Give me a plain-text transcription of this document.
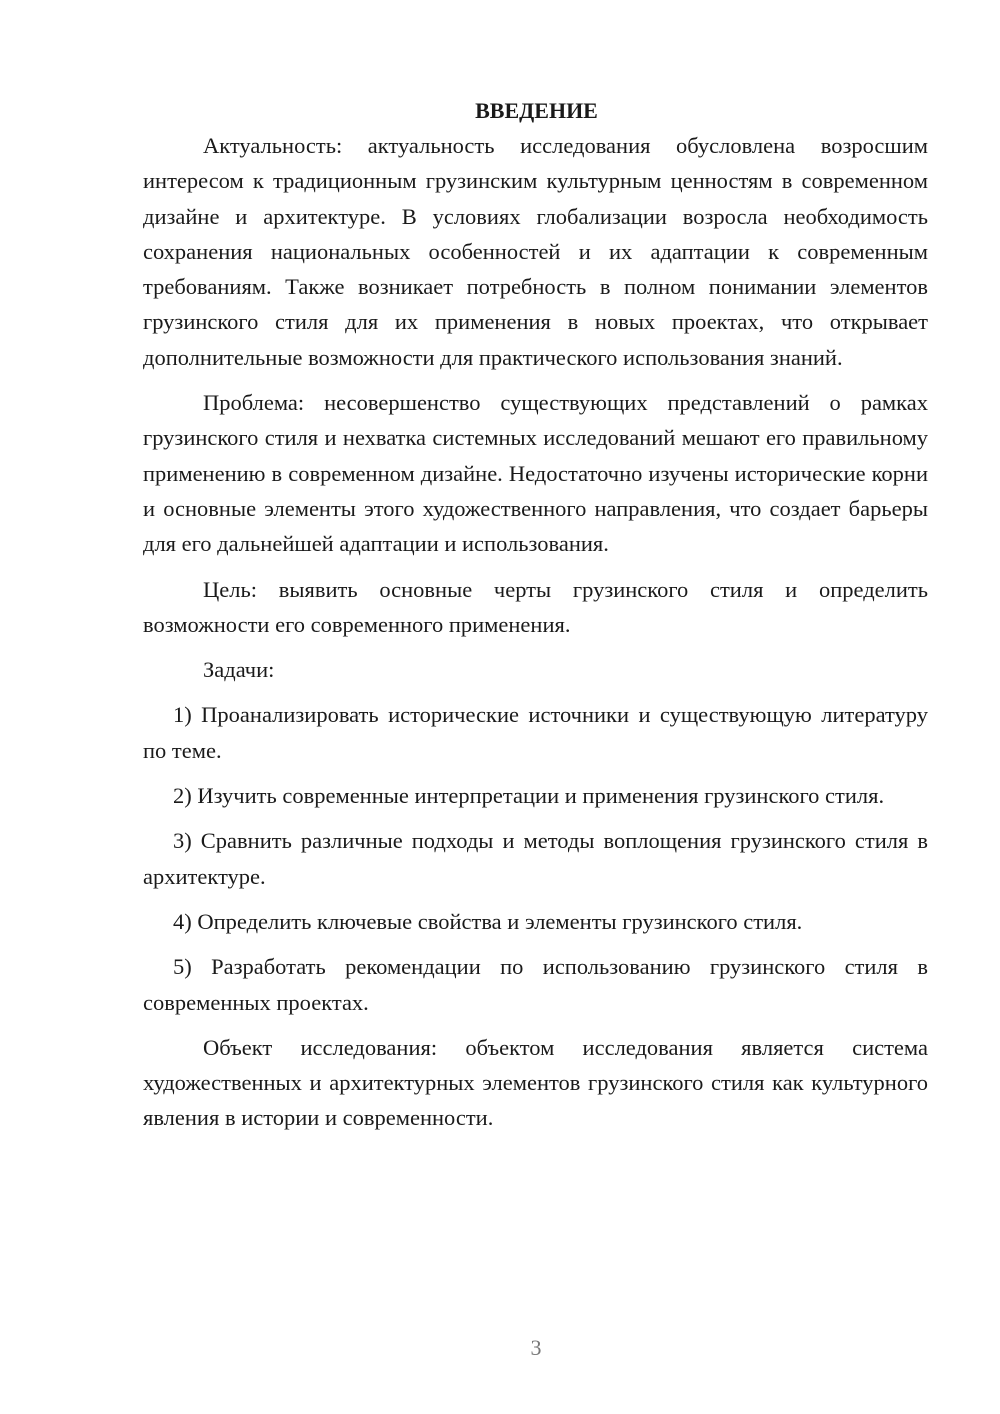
ВВЕДЕНИЕ

Актуальность: актуальность исследования обусловлена возросшим интересом к традиционным грузинским культурным ценностям в современном дизайне и архитектуре. В условиях глобализации возросла необходимость сохранения национальных особенностей и их адаптации к современным требованиям. Также возникает потребность в полном понимании элементов грузинского стиля для их применения в новых проектах, что открывает дополнительные возможности для практического использования знаний.

Проблема: несовершенство существующих представлений о рамках грузинского стиля и нехватка системных исследований мешают его правильному применению в современном дизайне. Недостаточно изучены исторические корни и основные элементы этого художественного направления, что создает барьеры для его дальнейшей адаптации и использования.

Цель: выявить основные черты грузинского стиля и определить возможности его современного применения.

Задачи:

1) Проанализировать исторические источники и существующую литературу по теме.

2) Изучить современные интерпретации и применения грузинского стиля.

3) Сравнить различные подходы и методы воплощения грузинского стиля в архитектуре.

4) Определить ключевые свойства и элементы грузинского стиля.

5) Разработать рекомендации по использованию грузинского стиля в современных проектах.

Объект исследования: объектом исследования является система художественных и архитектурных элементов грузинского стиля как культурного явления в истории и современности.

3
